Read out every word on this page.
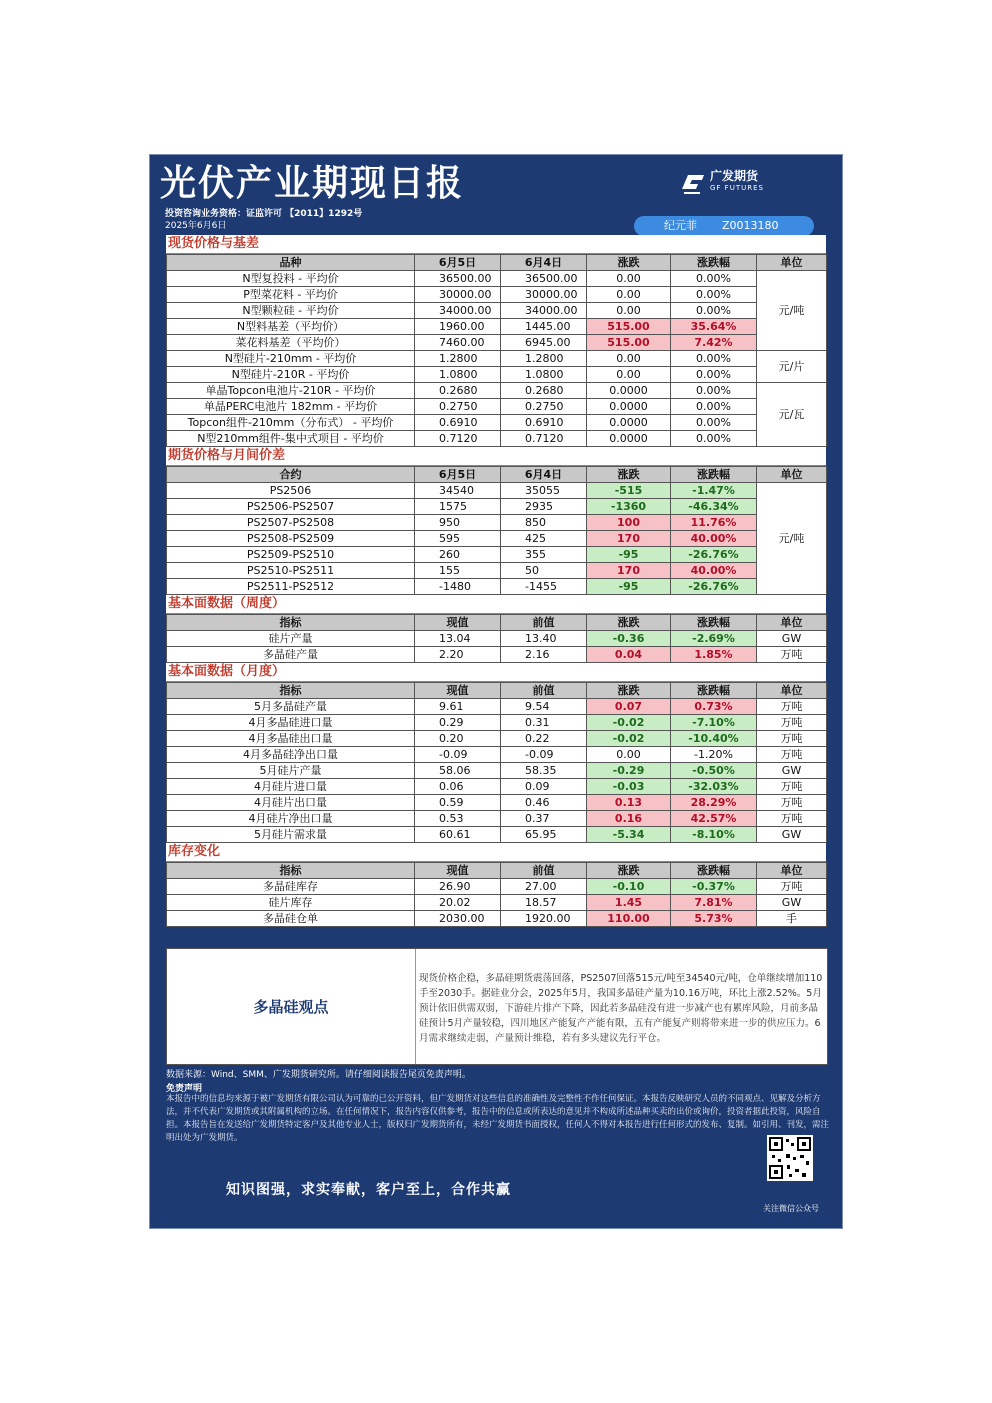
光伏产业期现日报
投资咨询业务资格：证监许可 【2011】1292号
2025年6月6日
广发期货
GF FUTURES
纪元菲 Z0013180
数据来源：Wind、SMM、广发期货研究所。请仔细阅读报告尾页免责声明。
免责声明
本报告中的信息均来源于被广发期货有限公司认为可靠的已公开资料，但广发期货对这些信息的准确性及完整性不作任何保证。本报告反映研究人员的不同观点、见解及分析方法，并不代表广发期货或其附属机构的立场。在任何情况下，报告内容仅供参考，报告中的信息或所表达的意见并不构成所述品种买卖的出价或询价，投资者据此投资，风险自担。本报告旨在发送给广发期货特定客户及其他专业人士，版权归广发期货所有，未经广发期货书面授权，任何人不得对本报告进行任何形式的发布、复制。如引用、刊发，需注明出处为广发期货。
知识图强，求实奉献，客户至上，合作共赢
关注微信公众号
现货价格与基差
品种	6月5日	6月4日	涨跌	涨跌幅	单位
N型复投料 - 平均价	36500.00	36500.00	0.00	0.00%	元/吨
P型菜花料 - 平均价	30000.00	30000.00	0.00	0.00%	
N型颗粒硅 - 平均价	34000.00	34000.00	0.00	0.00%	
N型料基差（平均价）	1960.00	1445.00	515.00	35.64%	
菜花料基差（平均价）	7460.00	6945.00	515.00	7.42%	
N型硅片-210mm - 平均价	1.2800	1.2800	0.00	0.00%	元/片
N型硅片-210R - 平均价	1.0800	1.0800	0.00	0.00%	
单晶Topcon电池片-210R - 平均价	0.2680	0.2680	0.0000	0.00%	元/瓦
单晶PERC电池片 182mm - 平均价	0.2750	0.2750	0.0000	0.00%	
Topcon组件-210mm（分布式） - 平均价	0.6910	0.6910	0.0000	0.00%	
N型210mm组件-集中式项目 - 平均价	0.7120	0.7120	0.0000	0.00%	
期货价格与月间价差
合约	6月5日	6月4日	涨跌	涨跌幅	单位
PS2506	34540	35055	-515	-1.47%	元/吨
PS2506-PS2507	1575	2935	-1360	-46.34%	
PS2507-PS2508	950	850	100	11.76%	
PS2508-PS2509	595	425	170	40.00%	
PS2509-PS2510	260	355	-95	-26.76%	
PS2510-PS2511	155	50	170	40.00%	
PS2511-PS2512	-1480	-1455	-95	-26.76%	
基本面数据（周度）
指标	现值	前值	涨跌	涨跌幅	单位
硅片产量	13.04	13.40	-0.36	-2.69%	GW
多晶硅产量	2.20	2.16	0.04	1.85%	万吨
基本面数据（月度）
指标	现值	前值	涨跌	涨跌幅	单位
5月多晶硅产量	9.61	9.54	0.07	0.73%	万吨
4月多晶硅进口量	0.29	0.31	-0.02	-7.10%	万吨
4月多晶硅出口量	0.20	0.22	-0.02	-10.40%	万吨
4月多晶硅净出口量	-0.09	-0.09	0.00	-1.20%	万吨
5月硅片产量	58.06	58.35	-0.29	-0.50%	GW
4月硅片进口量	0.06	0.09	-0.03	-32.03%	万吨
4月硅片出口量	0.59	0.46	0.13	28.29%	万吨
4月硅片净出口量	0.53	0.37	0.16	42.57%	万吨
5月硅片需求量	60.61	65.95	-5.34	-8.10%	GW
库存变化
指标	现值	前值	涨跌	涨跌幅	单位
多晶硅库存	26.90	27.00	-0.10	-0.37%	万吨
硅片库存	20.02	18.57	1.45	7.81%	GW
多晶硅仓单	2030.00	1920.00	110.00	5.73%	手
多晶硅观点
现货价格企稳，多晶硅期货震荡回落，PS2507回落515元/吨至34540元/吨，仓单继续增加110手至2030手。据硅业分会，2025年5月，我国多晶硅产量为10.16万吨，环比上涨2.52%。5月预计依旧供需双弱，下游硅片排产下降，因此若多晶硅没有进一步减产也有累库风险，月前多晶硅预计5月产量较稳，四川地区产能复产产能有限，五有产能复产则将带来进一步的供应压力。6月需求继续走弱，产量预计维稳，若有多头建议先行平仓。
